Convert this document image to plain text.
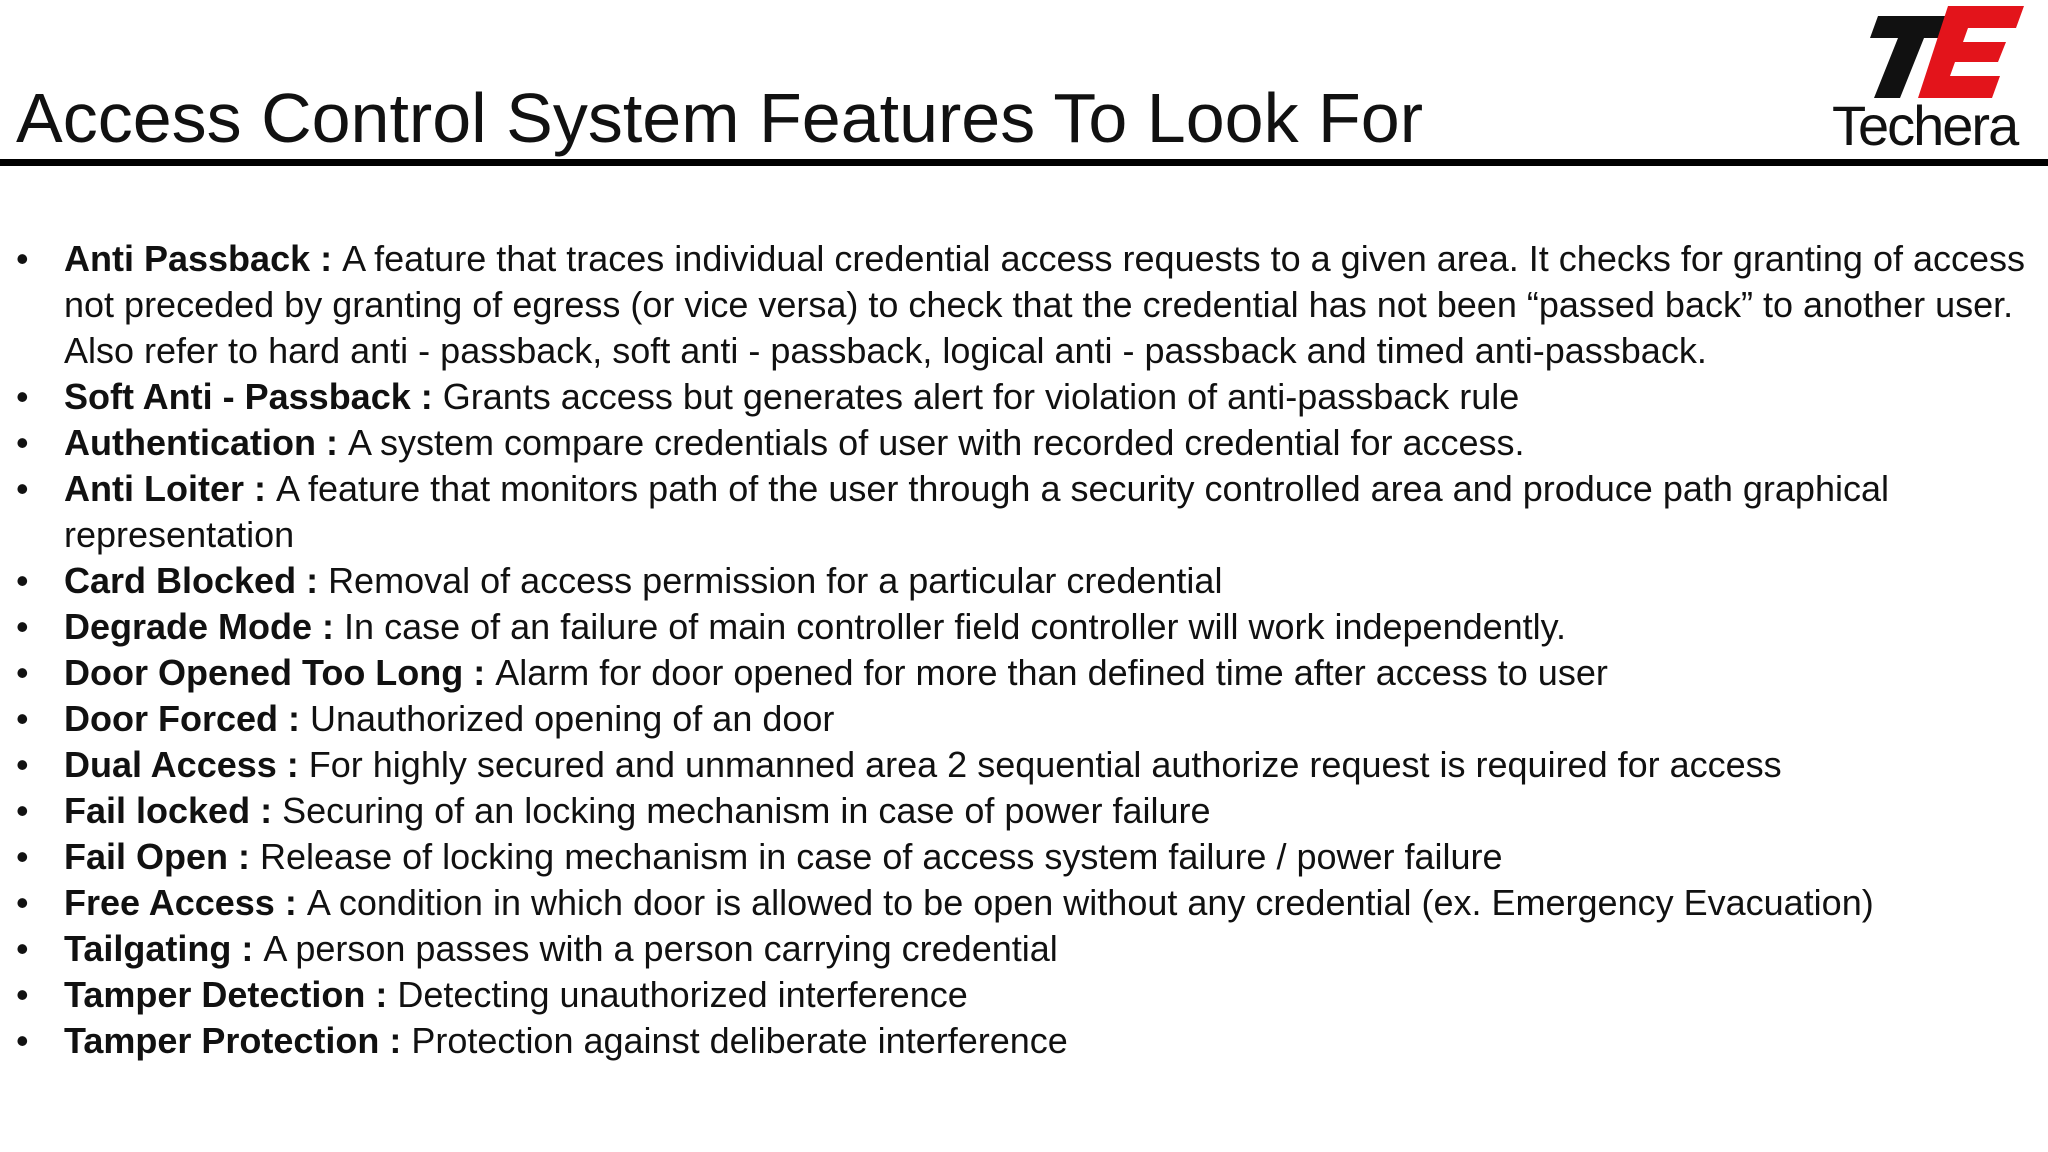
Access Control System Features To Look For	Techera
• Anti Passback : A feature that traces individual credential access requests to a given area. It checks for granting of access not preceded by granting of egress (or vice versa) to check that the credential has not been “passed back” to another user. Also refer to hard anti - passback, soft anti - passback, logical anti - passback and timed anti-passback.
• Soft Anti - Passback : Grants access but generates alert for violation of anti-passback rule
• Authentication : A system compare credentials of user with recorded credential for access.
• Anti Loiter : A feature that monitors path of the user through a security controlled area and produce path graphical representation
• Card Blocked : Removal of access permission for a particular credential
• Degrade Mode : In case of an failure of main controller field controller will work independently.
• Door Opened Too Long : Alarm for door opened for more than defined time after access to user
• Door Forced : Unauthorized opening of an door
• Dual Access : For highly secured and unmanned area 2 sequential authorize request is required for access
• Fail locked : Securing of an locking mechanism in case of power failure
• Fail Open : Release of locking mechanism in case of access system failure / power failure
• Free Access : A condition in which door is allowed to be open without any credential (ex. Emergency Evacuation)
• Tailgating : A person passes with a person carrying credential
• Tamper Detection : Detecting unauthorized interference
• Tamper Protection : Protection against deliberate interference
